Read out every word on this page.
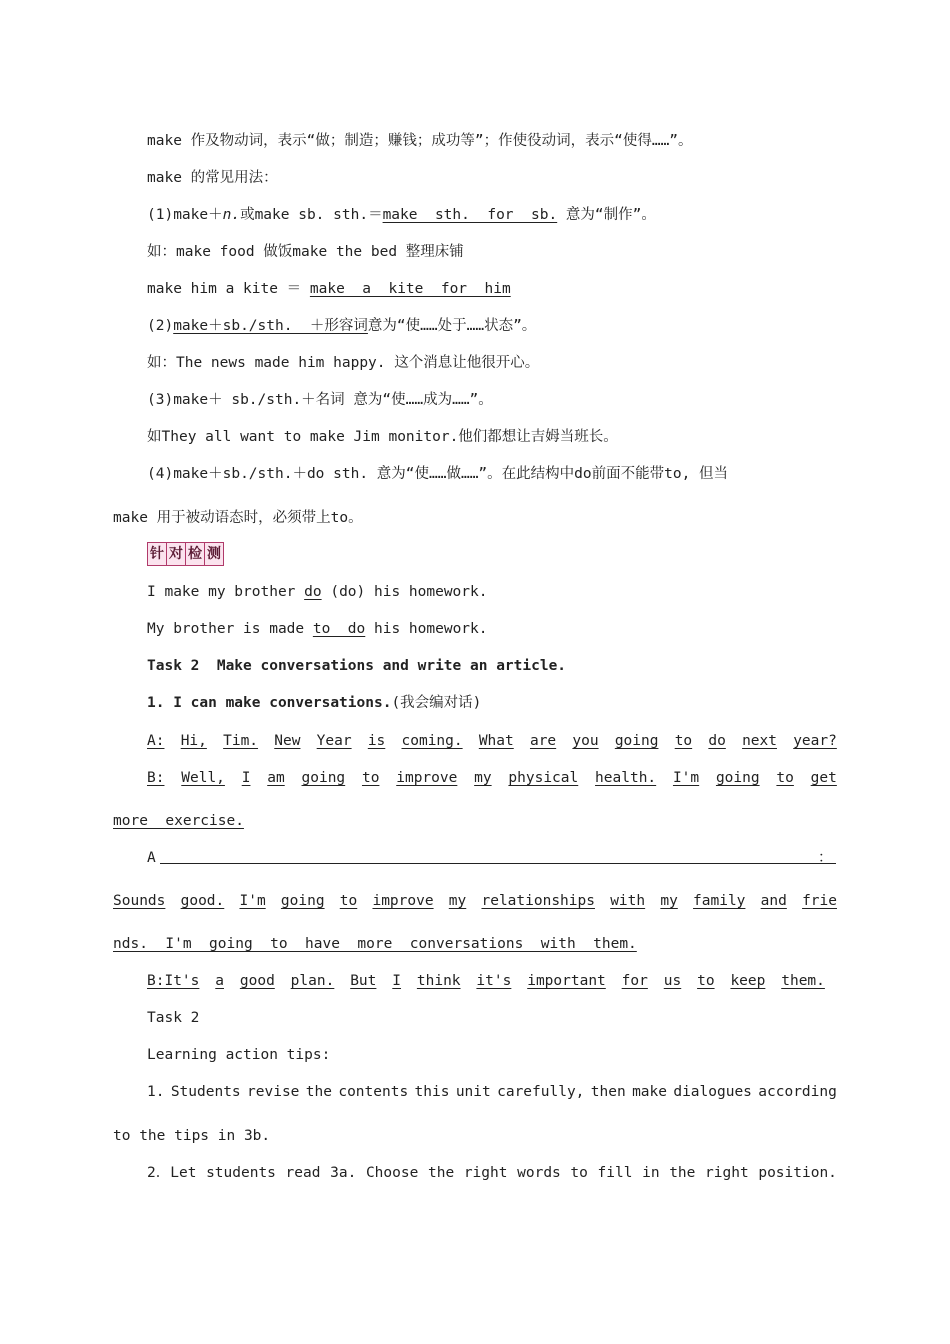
make 作及物动词，表示“做；制造；赚钱；成功等”；作使役动词，表示“使得……”。
make 的常见用法：
(1)make＋n.或make sb. sth.＝make  sth.  for  sb. 意为“制作”。
如：make food 做饭make the bed 整理床铺
make him a kite ＝ make  a  kite  for  him
(2)make＋sb./sth.  ＋形容词意为“使……处于……状态”。
如：The news made him happy. 这个消息让他很开心。
(3)make＋ sb./sth.＋名词 意为“使……成为……”。
如They all want to make Jim monitor.他们都想让吉姆当班长。
(4)make＋sb./sth.＋do sth. 意为“使……做……”。在此结构中do前面不能带to, 但当
make 用于被动语态时，必须带上to。
针 对 检 测
I make my brother do (do) his homework.
My brother is made to  do his homework.
Task 2  Make conversations and write an article.
1. I can make conversations.(我会编对话)
A: Hi, Tim. New Year is coming. What are you going to do next year?
B: Well, I am going to improve my physical health. I'm going to get
more  exercise.
A	：
Sounds good. I'm going to improve my relationships with my family and frie
nds.  I'm  going  to  have  more  conversations  with  them.
B:It's a good plan. But I think it's important for us to keep them.
Task 2
Learning action tips:
1. Students revise the contents this unit carefully, then make dialogues according
to the tips in 3b.
2．Let students read 3a. Choose the right words to fill in the right position.
